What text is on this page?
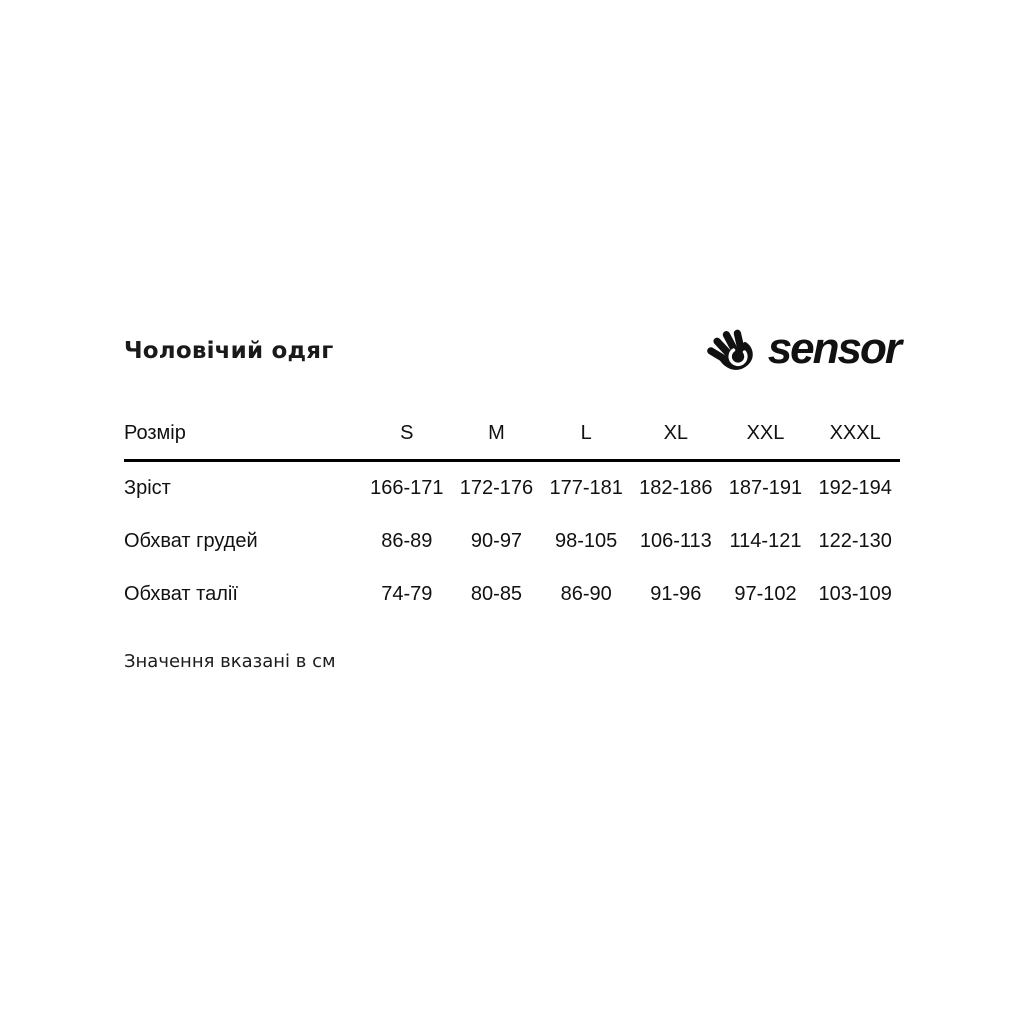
Чоловічий одяг	sensor
Розмір	S	M	L	XL	XXL	XXXL
Зріст	166-171 172-176 177-181 182-186 187-191 192-194
Обхват грудей	86-89	90-97	98-105	106-113 114-121 122-130
Обхват талії	74-79	80-85	86-90	91-96	97-102	103-109

Значення вказані в см
